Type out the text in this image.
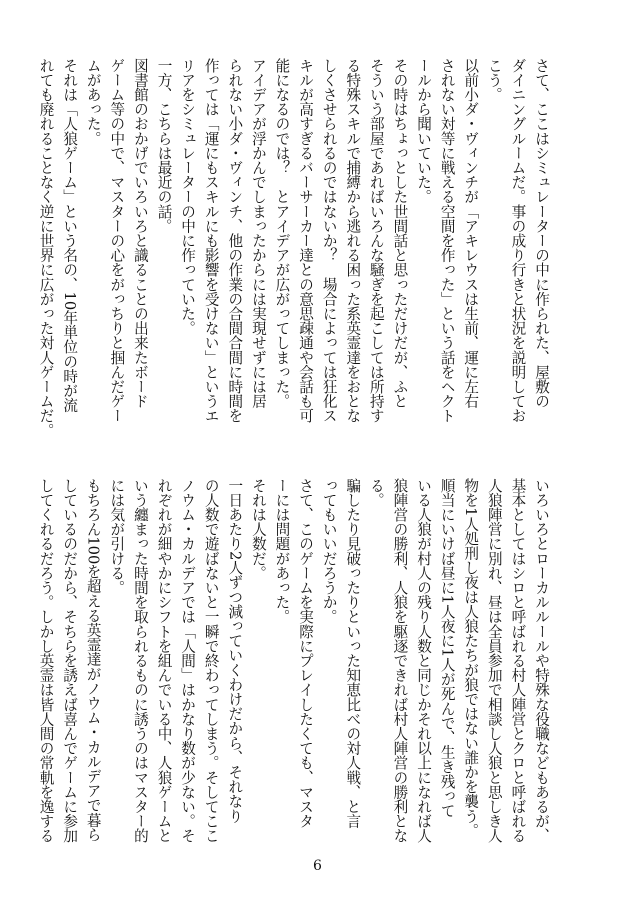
さて、ここはシミュレーターの中に作られた、屋敷の

ダイニングルームだ。事の成り行きと状況を説明してお

こう。

以前小ダ・ヴィンチが「アキレウスは生前、運に左右

されない対等に戦える空間を作った」という話をヘクト

ールから聞いていた。

その時はちょっとした世間話と思っただけだが、ふと

そういう部屋であればいろんな騒ぎを起こしては所持す

る特殊スキルで捕縛から逃れる困った系英霊達をおとな

しくさせられるのではないか？　場合によっては狂化ス

キルが高すぎるバーサーカー達との意思疎通や会話も可

能になるのでは？　とアイデアが広がってしまった。

アイデアが浮かんでしまったからには実現せずには居

られない小ダ・ヴィンチ、他の作業の合間合間に時間を

作っては「運にもスキルにも影響を受けない」というエ

リアをシミュレーターの中に作っていた。

一方、こちらは最近の話。

図書館のおかげでいろいろと識ることの出来たボード

ゲーム等の中で、マスターの心をがっちりと掴んだゲー

ムがあった。

それは「人狼ゲーム」という名の、10年単位の時が流

れても廃れることなく逆に世界に広がった対人ゲームだ。

いろいろとローカルルールや特殊な役職などもあるが、

基本としてはシロと呼ばれる村人陣営とクロと呼ばれる

人狼陣営に別れ、昼は全員参加で相談し人狼と思しき人

物を1人処刑し夜は人狼たちが狼ではない誰かを襲う。

順当にいけば昼に1人夜に1人が死んで、生き残って

いる人狼が村人の残り人数と同じかそれ以上になれば人

狼陣営の勝利、人狼を駆逐できれば村人陣営の勝利とな

る。

騙したり見破ったりといった知恵比べの対人戦、と言

ってもいいだろうか。

さて、このゲームを実際にプレイしたくても、マスタ

ーには問題があった。

それは人数だ。

一日あたり2人ずつ減っていくわけだから、それなり

の人数で遊ばないと一瞬で終わってしまう。そしてここ

ノウム・カルデアでは「人間」はかなり数が少ない。そ

れぞれが細やかにシフトを組んでいる中、人狼ゲームと

いう纏まった時間を取られるものに誘うのはマスター的

には気が引ける。

もちろん100を超える英霊達がノウム・カルデアで暮ら

しているのだから、そちらを誘えば喜んでゲームに参加

してくれるだろう。しかし英霊は皆人間の常軌を逸する

6
